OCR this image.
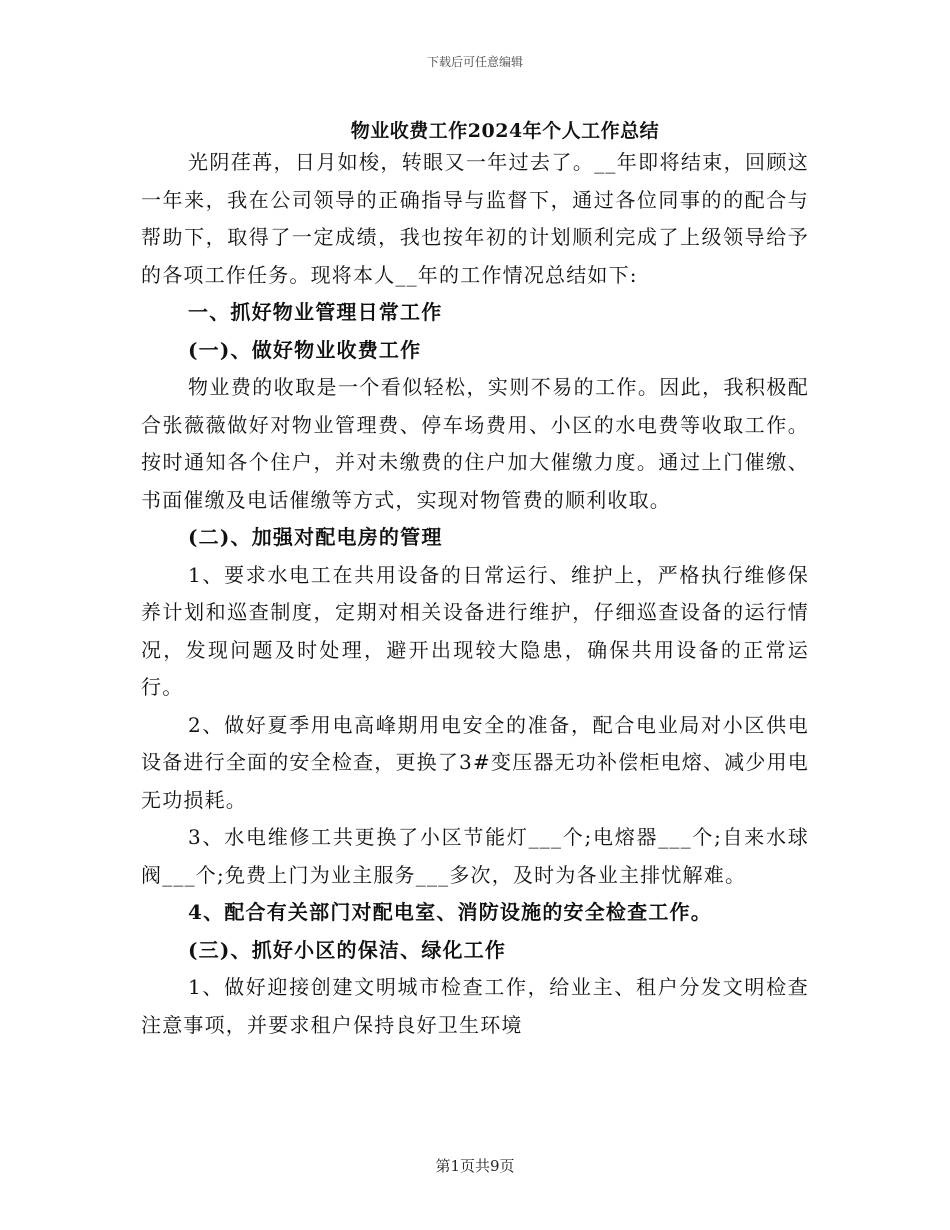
下载后可任意编辑
物业收费工作2024年个人工作总结

光阴荏苒，日月如梭，转眼又一年过去了。__年即将结束，回顾这一年来，我在公司领导的正确指导与监督下，通过各位同事的的配合与帮助下，取得了一定成绩，我也按年初的计划顺利完成了上级领导给予的各项工作任务。现将本人__年的工作情况总结如下:

一、抓好物业管理日常工作

(一)、做好物业收费工作

物业费的收取是一个看似轻松，实则不易的工作。因此，我积极配合张薇薇做好对物业管理费、停车场费用、小区的水电费等收取工作。按时通知各个住户，并对未缴费的住户加大催缴力度。通过上门催缴、书面催缴及电话催缴等方式，实现对物管费的顺利收取。

(二)、加强对配电房的管理

1、要求水电工在共用设备的日常运行、维护上，严格执行维修保养计划和巡查制度，定期对相关设备进行维护，仔细巡查设备的运行情况，发现问题及时处理，避开出现较大隐患，确保共用设备的正常运行。

2、做好夏季用电高峰期用电安全的准备，配合电业局对小区供电设备进行全面的安全检查，更换了3#变压器无功补偿柜电熔、减少用电无功损耗。

3、水电维修工共更换了小区节能灯___个;电熔器___个;自来水球阀___个;免费上门为业主服务___多次，及时为各业主排忧解难。

4、配合有关部门对配电室、消防设施的安全检查工作。

(三)、抓好小区的保洁、绿化工作

1、做好迎接创建文明城市检查工作，给业主、租户分发文明检查注意事项，并要求租户保持良好卫生环境

第1页共9页
